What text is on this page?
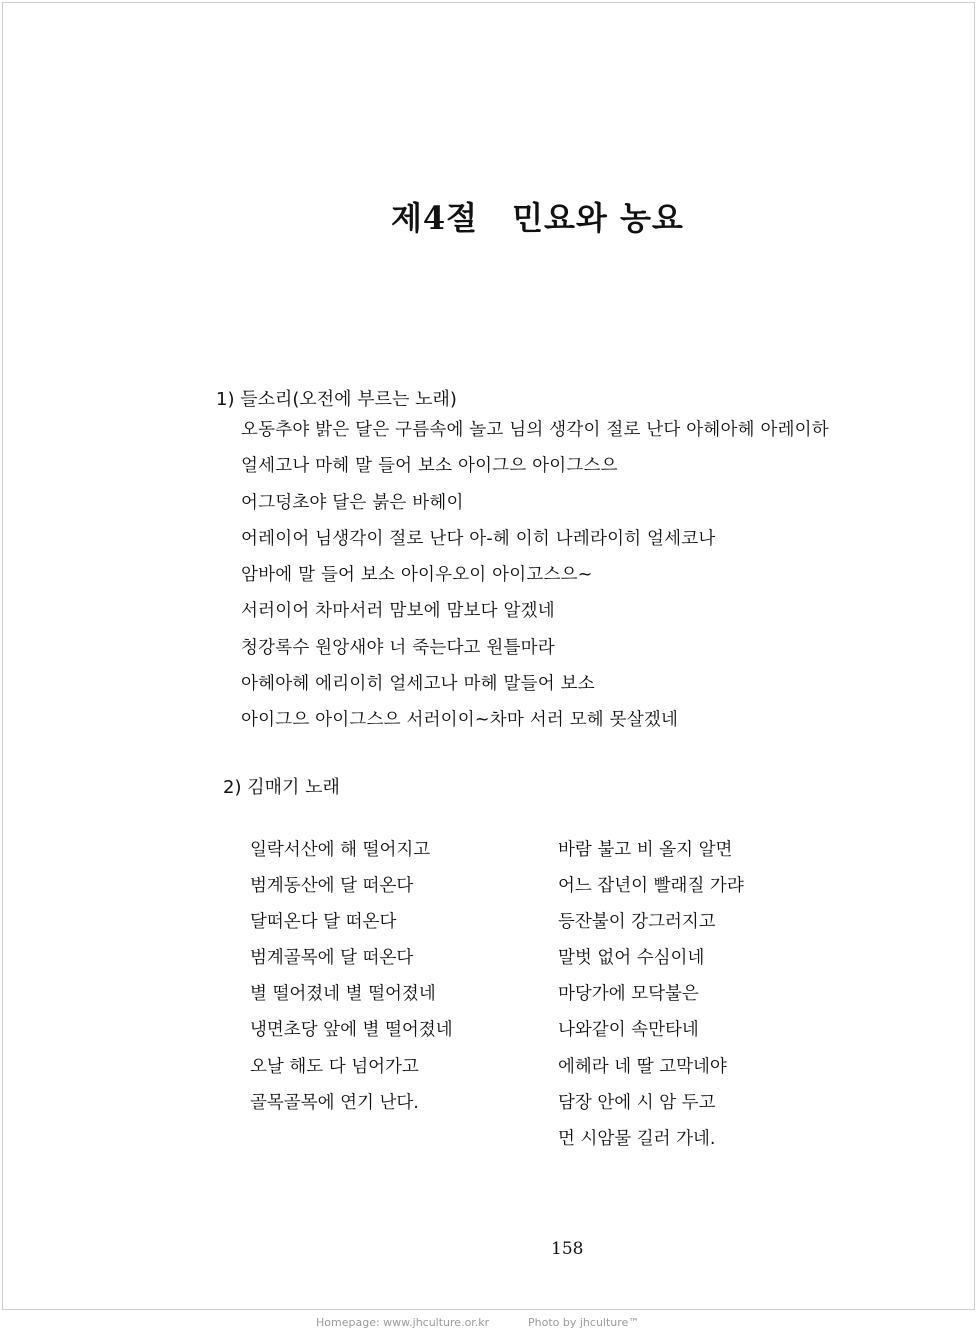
제4절 민요와 농요
1) 들소리(오전에 부르는 노래)
오동추야 밝은 달은 구름속에 놀고 님의 생각이 절로 난다 아헤아헤 아레이하
얼세고나 마헤 말 들어 보소 아이그으 아이그스으
어그덩초야 달은 붉은 바헤이
어레이어 님생각이 절로 난다 아-헤 이히 나레라이히 얼세코나
암바에 말 들어 보소 아이우오이 아이고스으~
서러이어 차마서러 맘보에 맘보다 알겠네
청강록수 원앙새야 너 죽는다고 원틀마라
아헤아헤 에리이히 얼세고나 마헤 말들어 보소
아이그으 아이그스으 서러이이~차마 서러 모헤 못살겠네
2) 김매기 노래
일락서산에 해 떨어지고
범계동산에 달 떠온다
달떠온다 달 떠온다
범계골목에 달 떠온다
별 떨어졌네 별 떨어졌네
냉면초당 앞에 별 떨어졌네
오날 해도 다 넘어가고
골목골목에 연기 난다.
바람 불고 비 올지 알면
어느 잡년이 빨래질 가랴
등잔불이 강그러지고
말벗 없어 수심이네
마당가에 모닥불은
나와같이 속만타네
에헤라 네 딸 고막네야
담장 안에 시 암 두고
먼 시암물 길러 가네.
158
Homepage: www.jhculture.or.kr	Photo by jhculture™
